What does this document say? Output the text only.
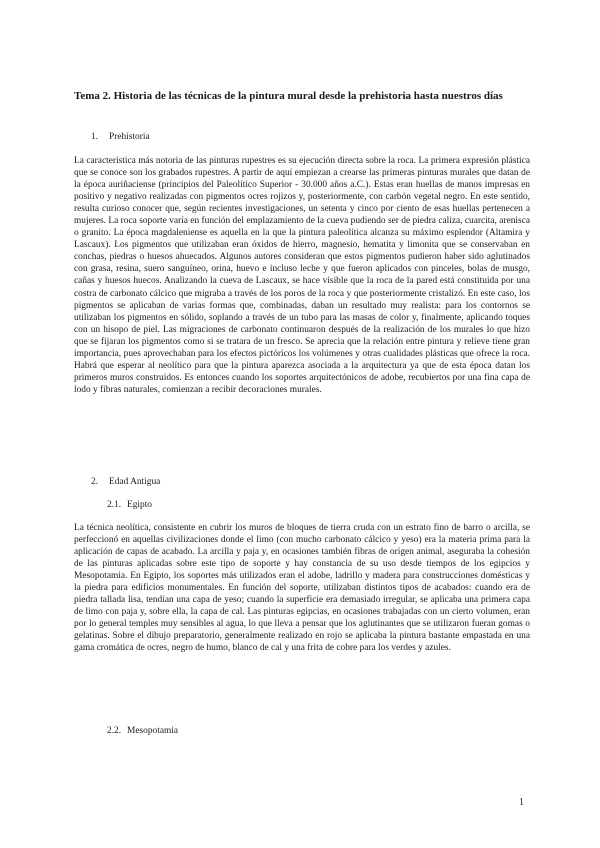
Tema 2. Historia de las técnicas de la pintura mural desde la prehistoria hasta nuestros días
1. Prehistoria

La característica más notoria de las pinturas rupestres es su ejecución directa sobre la roca. La primera expresión plástica que se conoce son los grabados rupestres. A partir de aquí empiezan a crearse las primeras pinturas murales que datan de la época auriñaciense (principios del Paleolítico Superior - 30.000 años a.C.). Estas eran huellas de manos impresas en positivo y negativo realizadas con pigmentos ocres rojizos y, posteriormente, con carbón vegetal negro. En este sentido, resulta curioso conocer que, según recientes investigaciones, un setenta y cinco por ciento de esas huellas pertenecen a mujeres. La roca soporte varía en función del emplazamiento de la cueva pudiendo ser de piedra caliza, cuarcita, arenisca o granito. La época magdaleniense es aquella en la que la pintura paleolítica alcanza su máximo esplendor (Altamira y Lascaux). Los pigmentos que utilizaban eran óxidos de hierro, magnesio, hematita y limonita que se conservaban en conchas, piedras o huesos ahuecados. Algunos autores consideran que estos pigmentos pudieron haber sido aglutinados con grasa, resina, suero sanguíneo, orina, huevo e incluso leche y que fueron aplicados con pinceles, bolas de musgo, cañas y huesos huecos. Analizando la cueva de Lascaux, se hace visible que la roca de la pared está constituida por una costra de carbonato cálcico que migraba a través de los poros de la roca y que posteriormente cristalizó. En este caso, los pigmentos se aplicaban de varias formas que, combinadas, daban un resultado muy realista: para los contornos se utilizaban los pigmentos en sólido, soplando a través de un tubo para las masas de color y, finalmente, aplicando toques con un hisopo de piel. Las migraciones de carbonato continuaron después de la realización de los murales lo que hizo que se fijaran los pigmentos como si se tratara de un fresco. Se aprecia que la relación entre pintura y relieve tiene gran importancia, pues aprovechaban para los efectos pictóricos los volúmenes y otras cualidades plásticas que ofrece la roca. Habrá que esperar al neolítico para que la pintura aparezca asociada a la arquitectura ya que de esta época datan los primeros muros construidos. Es entonces cuando los soportes arquitectónicos de adobe, recubiertos por una fina capa de lodo y fibras naturales, comienzan a recibir decoraciones murales.

2. Edad Antigua
2.1. Egipto

La técnica neolítica, consistente en cubrir los muros de bloques de tierra cruda con un estrato fino de barro o arcilla, se perfeccionó en aquellas civilizaciones donde el limo (con mucho carbonato cálcico y yeso) era la materia prima para la aplicación de capas de acabado. La arcilla y paja y, en ocasiones también fibras de origen animal, aseguraba la cohesión de las pinturas aplicadas sobre este tipo de soporte y hay constancia de su uso desde tiempos de los egipcios y Mesopotamia. En Egipto, los soportes más utilizados eran el adobe, ladrillo y madera para construcciones domésticas y la piedra para edificios monumentales. En función del soporte, utilizaban distintos tipos de acabados: cuando era de piedra tallada lisa, tendían una capa de yeso; cuando la superficie era demasiado irregular, se aplicaba una primera capa de limo con paja y, sobre ella, la capa de cal. Las pinturas egipcias, en ocasiones trabajadas con un cierto volumen, eran por lo general temples muy sensibles al agua, lo que lleva a pensar que los aglutinantes que se utilizaron fueran gomas o gelatinas. Sobre el dibujo preparatorio, generalmente realizado en rojo se aplicaba la pintura bastante empastada en una gama cromática de ocres, negro de humo, blanco de cal y una frita de cobre para los verdes y azules.

2.2. Mesopotamia
1
